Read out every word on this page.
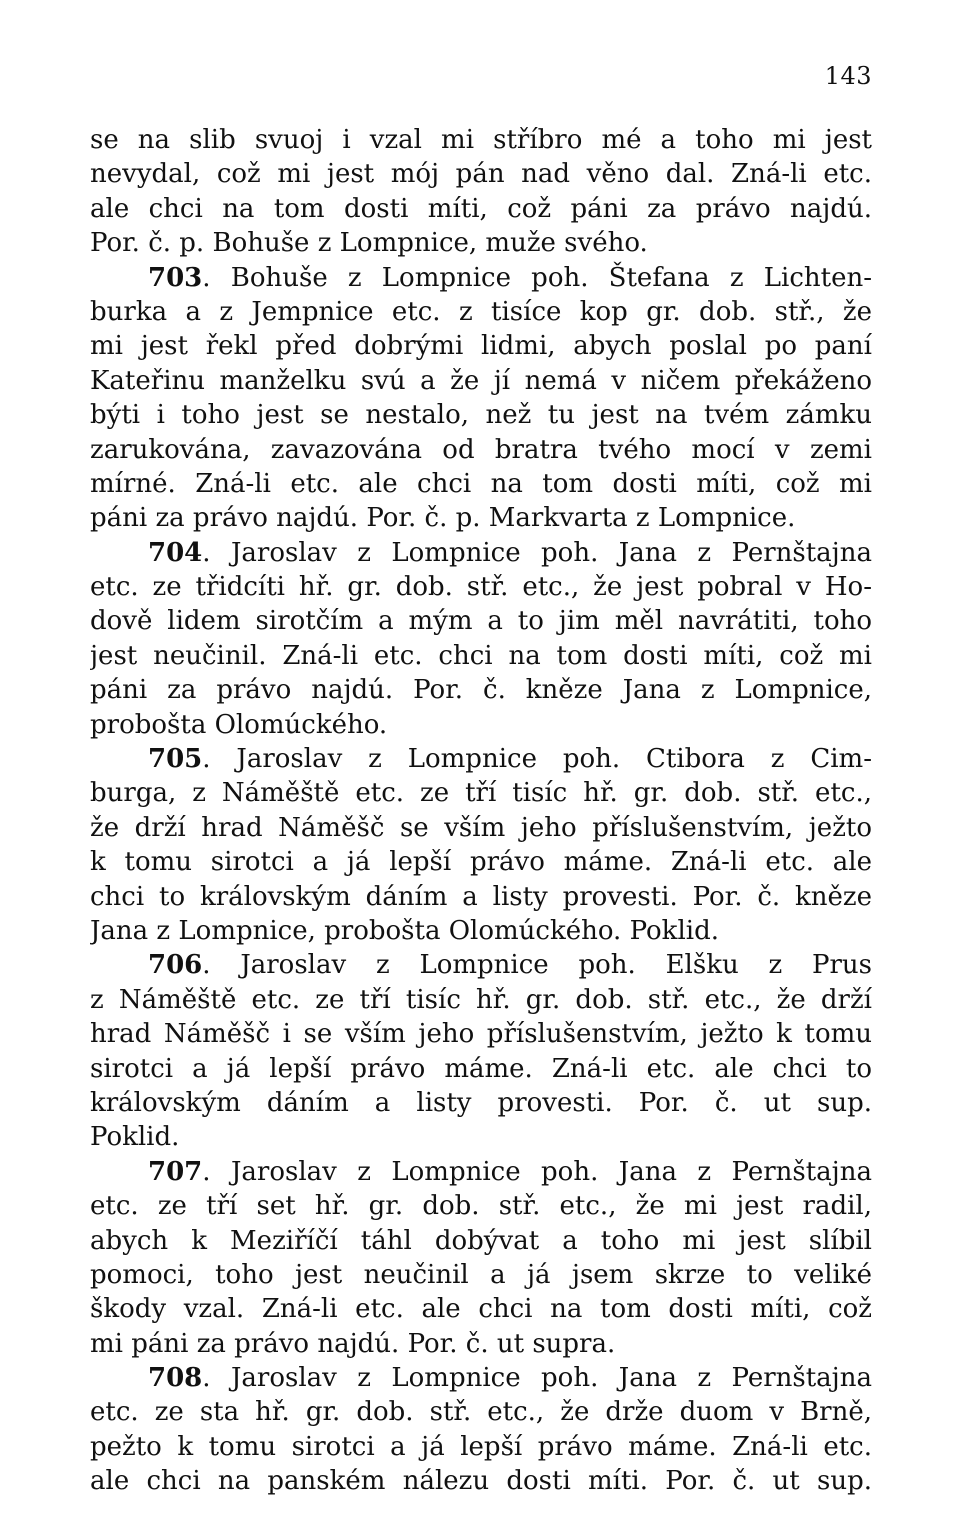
143
se na slib svuoj i vzal mi stříbro mé a toho mi jest
nevydal, což mi jest mój pán nad věno dal. Zná-li etc.
ale chci na tom dosti míti, což páni za právo najdú.
Por. č. p. Bohuše z Lompnice, muže svého.
703. Bohuše z Lompnice poh. Štefana z Lichten-
burka a z Jempnice etc. z tisíce kop gr. dob. stř., že
mi jest řekl před dobrými lidmi, abych poslal po paní
Kateřinu manželku svú a že jí nemá v ničem překáženo
býti i toho jest se nestalo, než tu jest na tvém zámku
zarukována, zavazována od bratra tvého mocí v zemi
mírné. Zná-li etc. ale chci na tom dosti míti, což mi
páni za právo najdú. Por. č. p. Markvarta z Lompnice.
704. Jaroslav z Lompnice poh. Jana z Pernštajna
etc. ze třidcíti hř. gr. dob. stř. etc., že jest pobral v Ho-
dově lidem sirotčím a mým a to jim měl navrátiti, toho
jest neučinil. Zná-li etc. chci na tom dosti míti, což mi
páni za právo najdú. Por. č. kněze Jana z Lompnice,
probošta Olomúckého.
705. Jaroslav z Lompnice poh. Ctibora z Cim-
burga, z Náměště etc. ze tří tisíc hř. gr. dob. stř. etc.,
že drží hrad Náměšč se vším jeho příslušenstvím, ježto
k tomu sirotci a já lepší právo máme. Zná-li etc. ale
chci to královským dáním a listy provesti. Por. č. kněze
Jana z Lompnice, probošta Olomúckého. Poklid.
706. Jaroslav z Lompnice poh. Elšku z Prus
z Náměště etc. ze tří tisíc hř. gr. dob. stř. etc., že drží
hrad Náměšč i se vším jeho příslušenstvím, ježto k tomu
sirotci a já lepší právo máme. Zná-li etc. ale chci to
královským dáním a listy provesti. Por. č. ut sup.
Poklid.
707. Jaroslav z Lompnice poh. Jana z Pernštajna
etc. ze tří set hř. gr. dob. stř. etc., že mi jest radil,
abych k Meziříčí táhl dobývat a toho mi jest slíbil
pomoci, toho jest neučinil a já jsem skrze to veliké
škody vzal. Zná-li etc. ale chci na tom dosti míti, což
mi páni za právo najdú. Por. č. ut supra.
708. Jaroslav z Lompnice poh. Jana z Pernštajna
etc. ze sta hř. gr. dob. stř. etc., že drže duom v Brně,
pežto k tomu sirotci a já lepší právo máme. Zná-li etc.
ale chci na panském nálezu dosti míti. Por. č. ut sup.
